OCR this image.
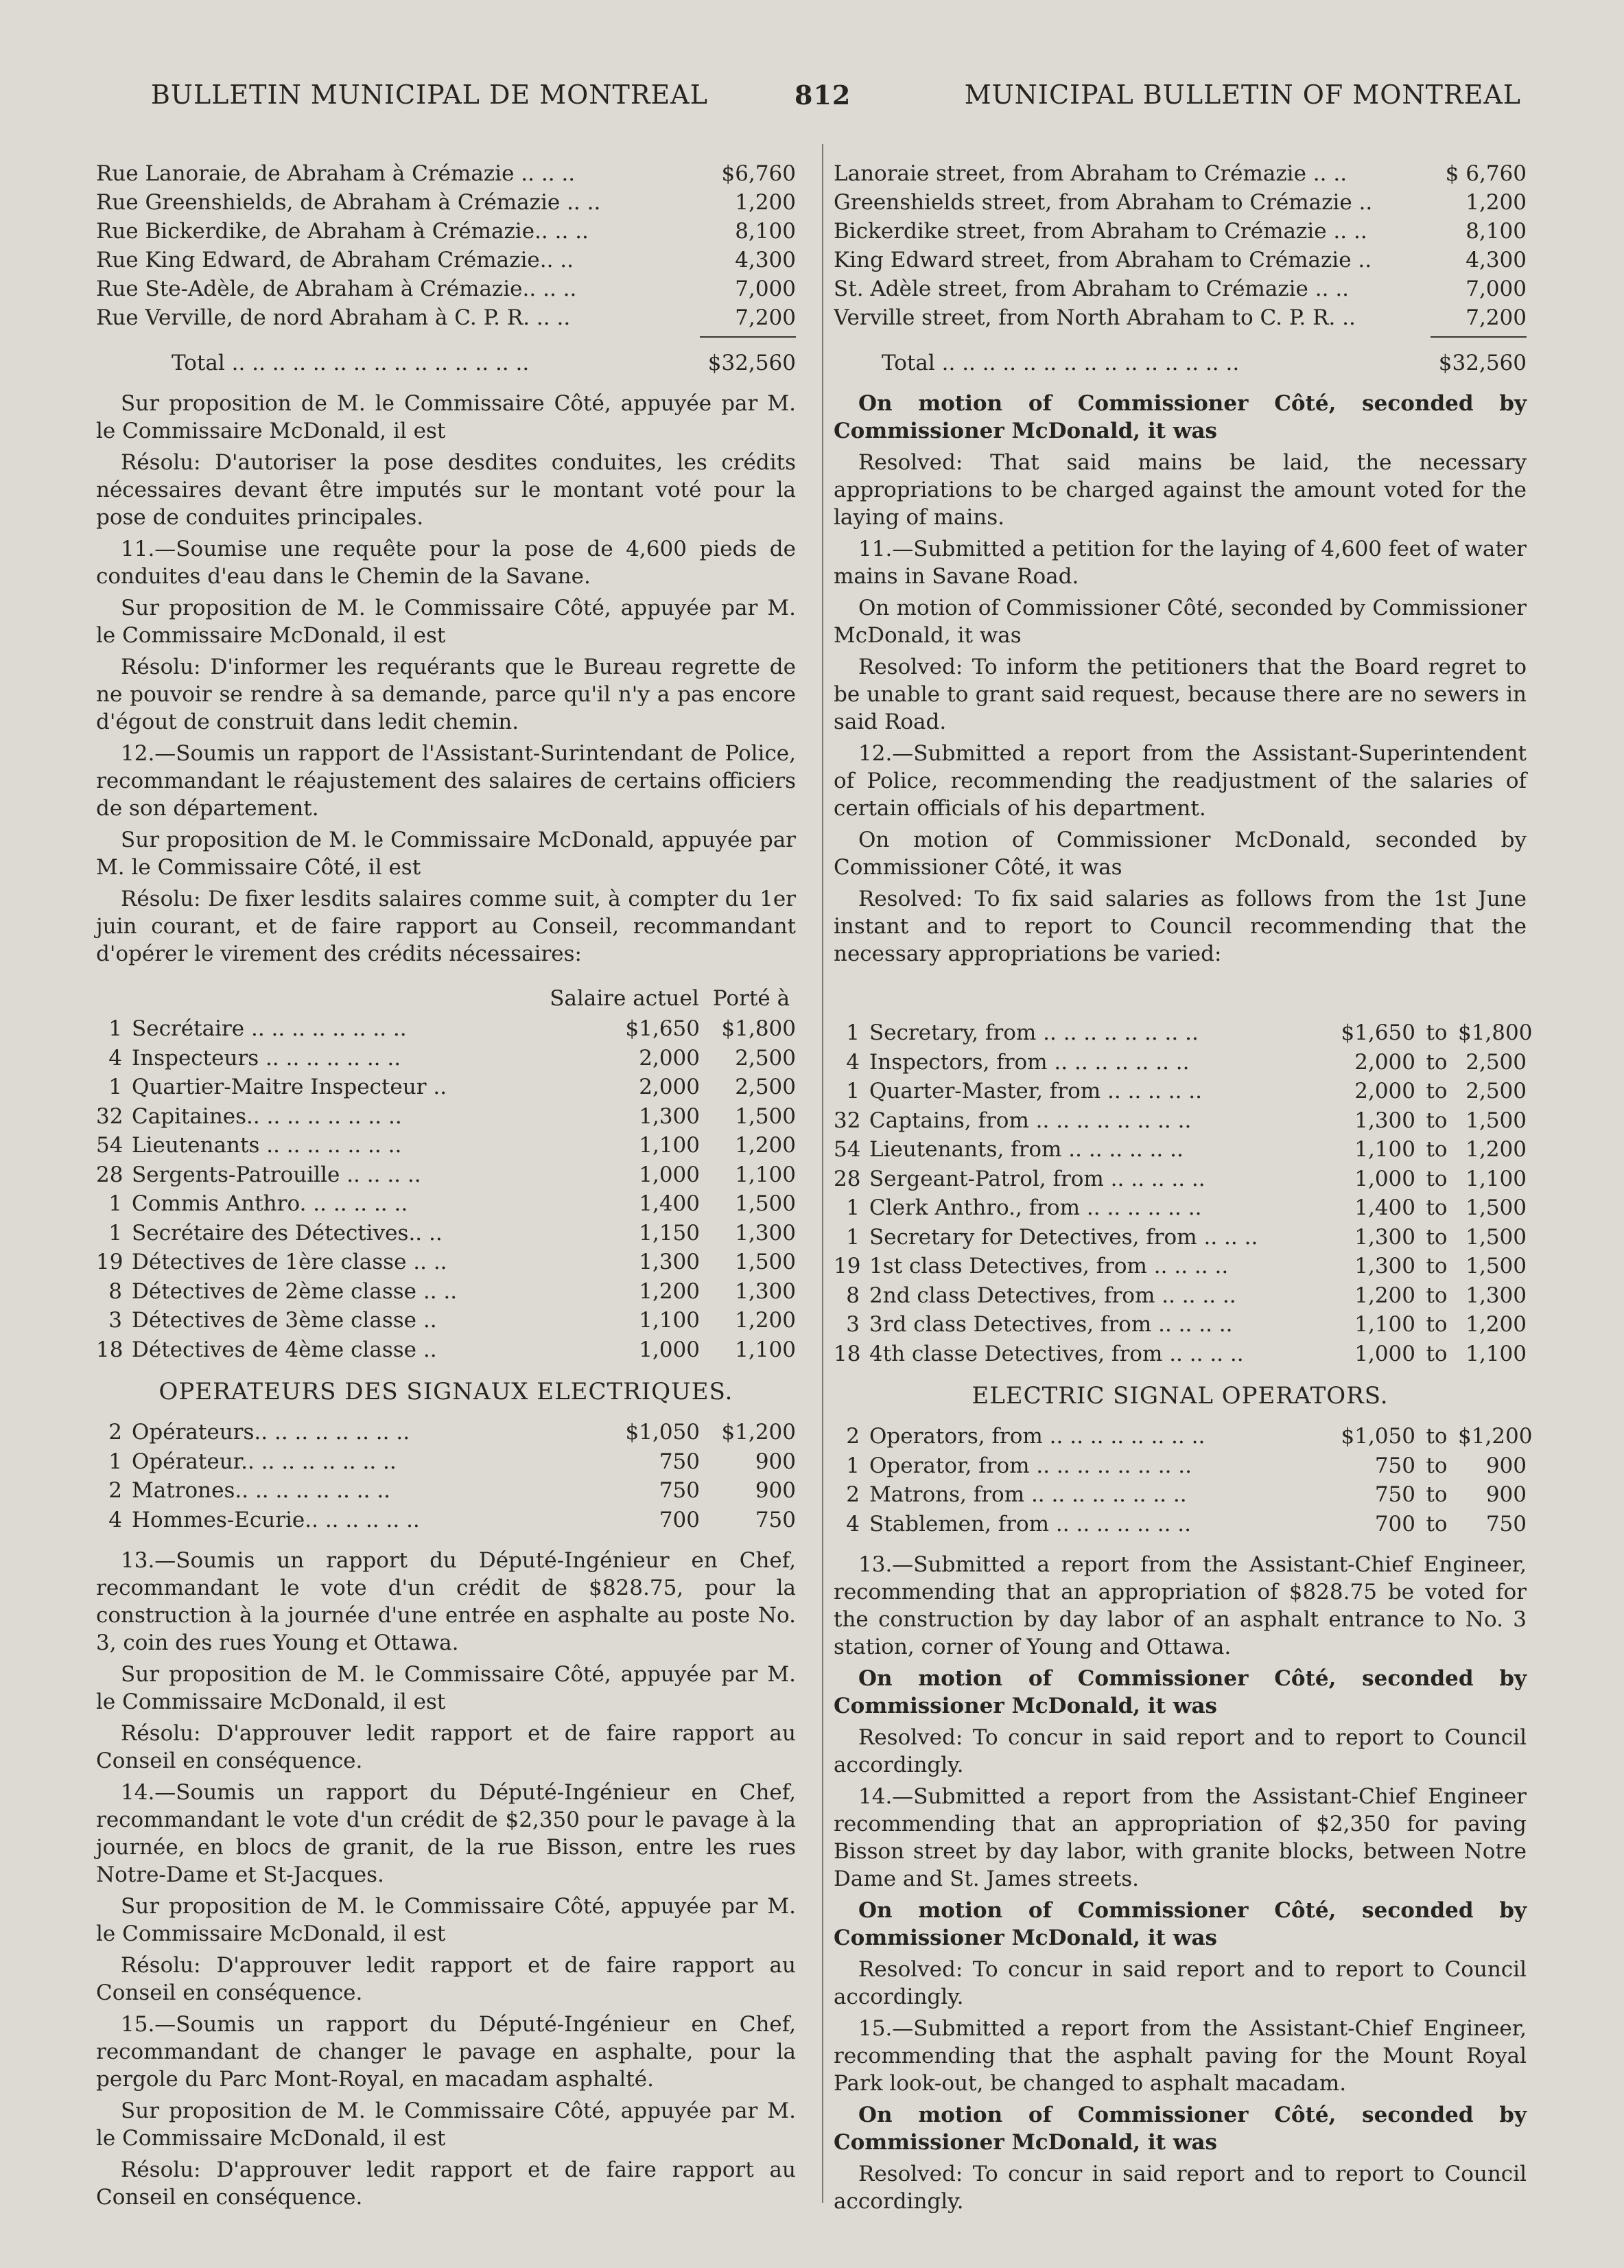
BULLETIN MUNICIPAL DE MONTREAL	812	MUNICIPAL BULLETIN OF MONTREAL
Rue Lanoraie, de Abraham à Crémazie .. .. ..	$6,760
Rue Greenshields, de Abraham à Crémazie .. ..	1,200
Rue Bickerdike, de Abraham à Crémazie.. .. ..	8,100
Rue King Edward, de Abraham Crémazie.. ..	4,300
Rue Ste-Adèle, de Abraham à Crémazie.. .. ..	7,000
Rue Verville, de nord Abraham à C. P. R. .. ..	7,200
Total .. .. .. .. .. .. .. .. .. .. .. .. .. .. ..	$32,560

Sur proposition de M. le Commissaire Côté, appuyée par M. le Commissaire McDonald, il est

Résolu: D'autoriser la pose desdites conduites, les crédits nécessaires devant être imputés sur le montant voté pour la pose de conduites principales.

11.—Soumise une requête pour la pose de 4,600 pieds de conduites d'eau dans le Chemin de la Savane.

Sur proposition de M. le Commissaire Côté, appuyée par M. le Commissaire McDonald, il est

Résolu: D'informer les requérants que le Bureau regrette de ne pouvoir se rendre à sa demande, parce qu'il n'y a pas encore d'égout de construit dans ledit chemin.

12.—Soumis un rapport de l'Assistant-Surintendant de Police, recommandant le réajustement des salaires de certains officiers de son département.

Sur proposition de M. le Commissaire McDonald, appuyée par M. le Commissaire Côté, il est

Résolu: De fixer lesdits salaires comme suit, à compter du 1er juin courant, et de faire rapport au Conseil, recommandant d'opérer le virement des crédits nécessaires:

Salaire actuel Porté à
1 Secrétaire .. .. .. .. .. .. .. ..	$1,650	$1,800
4 Inspecteurs .. .. .. .. .. .. ..	2,000	2,500
1 Quartier-Maitre Inspecteur ..	2,000	2,500
32 Capitaines.. .. .. .. .. .. .. ..	1,300	1,500
54 Lieutenants .. .. .. .. .. .. ..	1,100	1,200
28 Sergents-Patrouille .. .. .. ..	1,000	1,100
1 Commis Anthro. .. .. .. .. ..	1,400	1,500
1 Secrétaire des Détectives.. ..	1,150	1,300
19 Détectives de 1ère classe .. ..	1,300	1,500
8 Détectives de 2ème classe .. ..	1,200	1,300
3 Détectives de 3ème classe ..	1,100	1,200
18 Détectives de 4ème classe ..	1,000	1,100
OPERATEURS DES SIGNAUX ELECTRIQUES.
2 Opérateurs.. .. .. .. .. .. .. ..	$1,050	$1,200
1 Opérateur.. .. .. .. .. .. .. ..	750	900
2 Matrones.. .. .. .. .. .. .. ..	750	900
4 Hommes-Ecurie.. .. .. .. .. ..	700	750

13.—Soumis un rapport du Député-Ingénieur en Chef, recommandant le vote d'un crédit de $828.75, pour la construction à la journée d'une entrée en asphalte au poste No. 3, coin des rues Young et Ottawa.

Sur proposition de M. le Commissaire Côté, appuyée par M. le Commissaire McDonald, il est

Résolu: D'approuver ledit rapport et de faire rapport au Conseil en conséquence.

14.—Soumis un rapport du Député-Ingénieur en Chef, recommandant le vote d'un crédit de $2,350 pour le pavage à la journée, en blocs de granit, de la rue Bisson, entre les rues Notre-Dame et St-Jacques.

Sur proposition de M. le Commissaire Côté, appuyée par M. le Commissaire McDonald, il est

Résolu: D'approuver ledit rapport et de faire rapport au Conseil en conséquence.

15.—Soumis un rapport du Député-Ingénieur en Chef, recommandant de changer le pavage en asphalte, pour la pergole du Parc Mont-Royal, en macadam asphalté.

Sur proposition de M. le Commissaire Côté, appuyée par M. le Commissaire McDonald, il est

Résolu: D'approuver ledit rapport et de faire rapport au Conseil en conséquence.

Lanoraie street, from Abraham to Crémazie .. ..	$ 6,760
Greenshields street, from Abraham to Crémazie ..	1,200
Bickerdike street, from Abraham to Crémazie .. ..	8,100
King Edward street, from Abraham to Crémazie ..	4,300
St. Adèle street, from Abraham to Crémazie .. ..	7,000
Verville street, from North Abraham to C. P. R. ..	7,200
Total .. .. .. .. .. .. .. .. .. .. .. .. .. .. ..	$32,560

On motion of Commissioner Côté, seconded by Commissioner McDonald, it was

Resolved: That said mains be laid, the necessary appropriations to be charged against the amount voted for the laying of mains.

11.—Submitted a petition for the laying of 4,600 feet of water mains in Savane Road.

On motion of Commissioner Côté, seconded by Commissioner McDonald, it was

Resolved: To inform the petitioners that the Board regret to be unable to grant said request, because there are no sewers in said Road.

12.—Submitted a report from the Assistant-Superintendent of Police, recommending the readjustment of the salaries of certain officials of his department.

On motion of Commissioner McDonald, seconded by Commissioner Côté, it was

Resolved: To fix said salaries as follows from the 1st June instant and to report to Council recommending that the necessary appropriations be varied:

1 Secretary, from .. .. .. .. .. .. .. ..	$1,650 to $1,800
4 Inspectors, from .. .. .. .. .. .. ..	2,000 to 2,500
1 Quarter-Master, from .. .. .. .. ..	2,000 to 2,500
32 Captains, from .. .. .. .. .. .. .. ..	1,300 to 1,500
54 Lieutenants, from .. .. .. .. .. ..	1,100 to 1,200
28 Sergeant-Patrol, from .. .. .. .. ..	1,000 to 1,100
1 Clerk Anthro., from .. .. .. .. .. ..	1,400 to 1,500
1 Secretary for Detectives, from .. .. ..	1,300 to 1,500
19 1st class Detectives, from .. .. .. ..	1,300 to 1,500
8 2nd class Detectives, from .. .. .. ..	1,200 to 1,300
3 3rd class Detectives, from .. .. .. ..	1,100 to 1,200
18 4th classe Detectives, from .. .. .. ..	1,000 to 1,100
ELECTRIC SIGNAL OPERATORS.
2 Operators, from .. .. .. .. .. .. .. ..	$1,050 to $1,200
1 Operator, from .. .. .. .. .. .. .. ..	750 to	900
2 Matrons, from .. .. .. .. .. .. .. ..	750 to	900
4 Stablemen, from .. .. .. .. .. .. ..	700 to	750

13.—Submitted a report from the Assistant-Chief Engineer, recommending that an appropriation of $828.75 be voted for the construction by day labor of an asphalt entrance to No. 3 station, corner of Young and Ottawa.

On motion of Commissioner Côté, seconded by Commissioner McDonald, it was

Resolved: To concur in said report and to report to Council accordingly.

14.—Submitted a report from the Assistant-Chief Engineer recommending that an appropriation of $2,350 for paving Bisson street by day labor, with granite blocks, between Notre Dame and St. James streets.

On motion of Commissioner Côté, seconded by Commissioner McDonald, it was

Resolved: To concur in said report and to report to Council accordingly.

15.—Submitted a report from the Assistant-Chief Engineer, recommending that the asphalt paving for the Mount Royal Park look-out, be changed to asphalt macadam.

On motion of Commissioner Côté, seconded by Commissioner McDonald, it was

Resolved: To concur in said report and to report to Council accordingly.
